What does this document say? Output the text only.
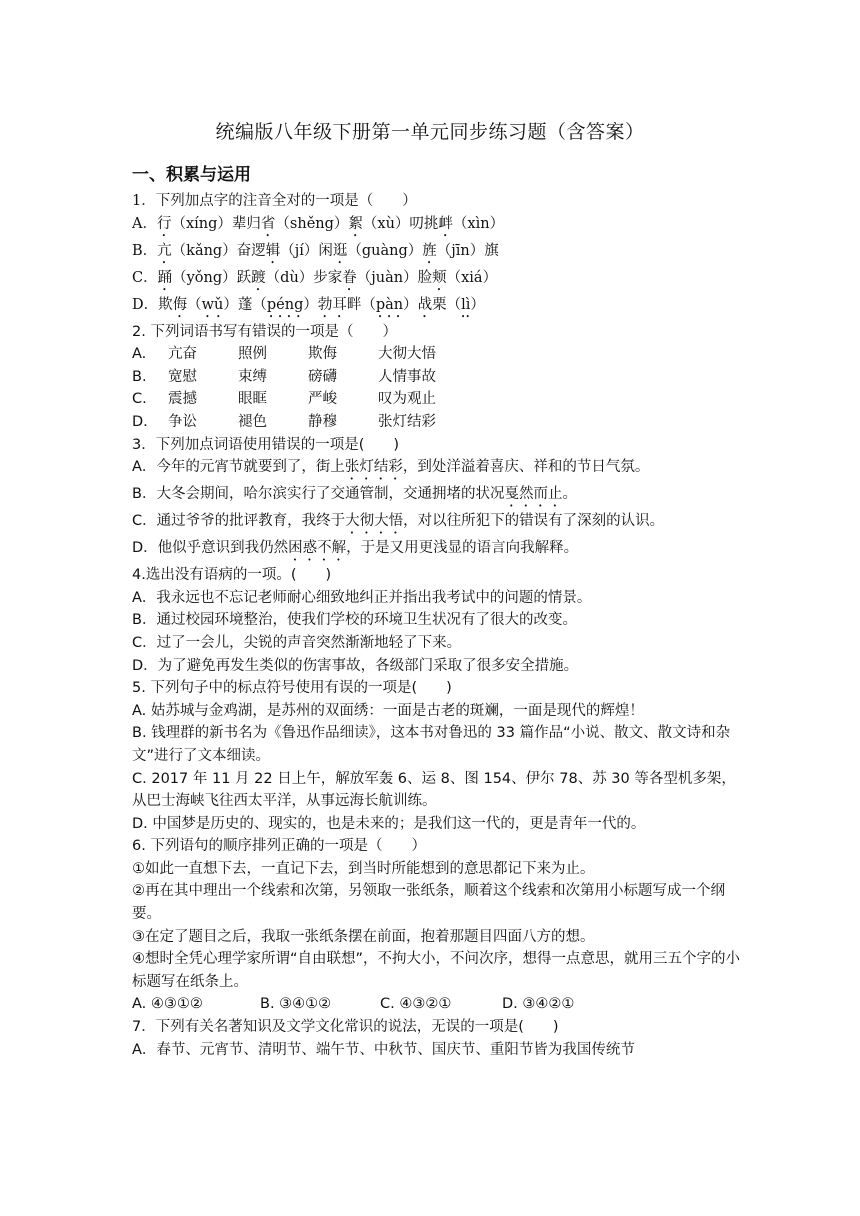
统编版八年级下册第一单元同步练习题（含答案）
一、积累与运用
1．下列加点字的注音全对的一项是（　　）
A．行（xíng）辈归省（shěng）絮（xù）叨挑衅（xìn）
B．亢（kǎng）奋逻辑（jí）闲逛（guàng）旌（jīn）旗
C．踊（yǒng）跃踱（dù）步家眷（juàn）脸颊（xiá）
D．欺侮（wǔ）蓬（péng）勃耳畔（pàn）战栗（lì）
2. 下列词语书写有错误的一项是（　　）
A. 亢奋	照例	欺侮	大彻大悟
B. 宽慰	束缚	磅礴	人情事故
C. 震撼	眼眶	严峻	叹为观止
D. 争讼	褪色	静穆	张灯结彩
3．下列加点词语使用错误的一项是(　　)
A．今年的元宵节就要到了，街上张灯结彩，到处洋溢着喜庆、祥和的节日气氛。
B．大冬会期间，哈尔滨实行了交通管制，交通拥堵的状况戛然而止。
C．通过爷爷的批评教育，我终于大彻大悟，对以往所犯下的错误有了深刻的认识。
D．他似乎意识到我仍然困惑不解，于是又用更浅显的语言向我解释。
4.选出没有语病的一项。(　　)
A．我永远也不忘记老师耐心细致地纠正并指出我考试中的问题的情景。
B．通过校园环境整治，使我们学校的环境卫生状况有了很大的改变。
C．过了一会儿，尖锐的声音突然渐渐地轻了下来。
D．为了避免再发生类似的伤害事故，各级部门采取了很多安全措施。
5. 下列句子中的标点符号使用有误的一项是(　　)
A. 姑苏城与金鸡湖，是苏州的双面绣：一面是古老的斑斓，一面是现代的辉煌！
B. 钱理群的新书名为《鲁迅作品细读》，这本书对鲁迅的 33 篇作品“小说、散文、散文诗和杂文”进行了文本细读。
C. 2017 年 11 月 22 日上午，解放军轰 6、运 8、图 154、伊尔 78、苏 30 等各型机多架，从巴士海峡飞往西太平洋，从事远海长航训练。
D. 中国梦是历史的、现实的，也是未来的；是我们这一代的，更是青年一代的。
6. 下列语句的顺序排列正确的一项是（　　）
①如此一直想下去，一直记下去，到当时所能想到的意思都记下来为止。
②再在其中理出一个线索和次第，另领取一张纸条，顺着这个线索和次第用小标题写成一个纲要。
③在定了题目之后，我取一张纸条摆在前面，抱着那题目四面八方的想。
④想时全凭心理学家所谓“自由联想”，不拘大小，不问次序，想得一点意思，就用三五个字的小标题写在纸条上。
A. ④③①②	B. ③④①②	C. ④③②①	D. ③④②①
7．下列有关名著知识及文学文化常识的说法，无误的一项是(　　)
A．春节、元宵节、清明节、端午节、中秋节、国庆节、重阳节皆为我国传统节
